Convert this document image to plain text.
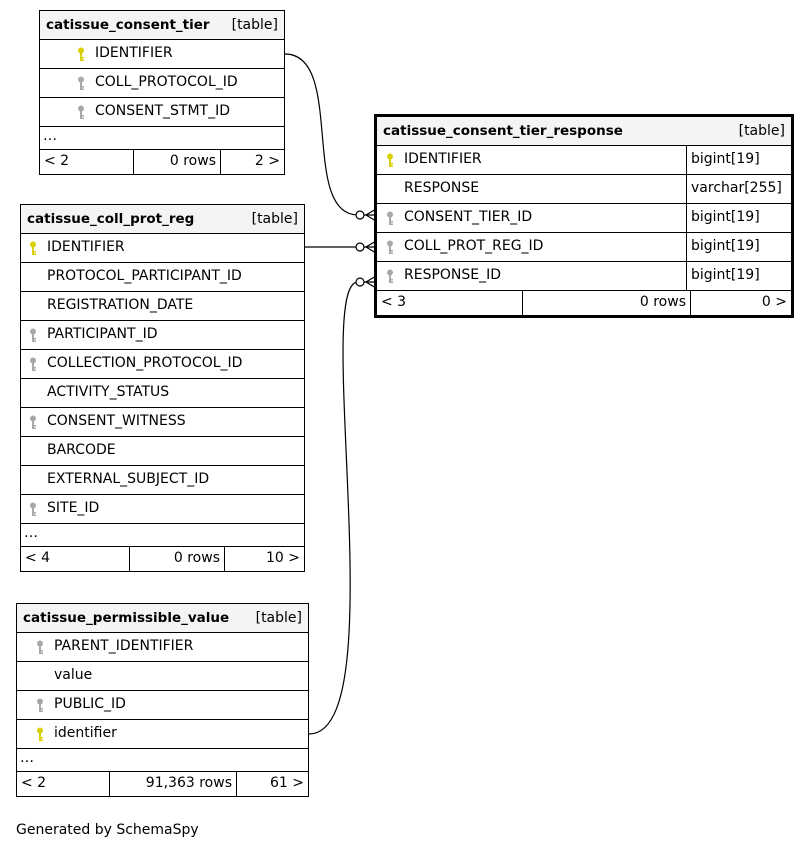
catissue_consent_tier [table]
IDENTIFIER
COLL_PROTOCOL_ID
CONSENT_STMT_ID
…
< 2	0 rows	2 >
catissue_coll_prot_reg	[table]
IDENTIFIER
PROTOCOL_PARTICIPANT_ID
REGISTRATION_DATE
PARTICIPANT_ID
COLLECTION_PROTOCOL_ID
ACTIVITY_STATUS
CONSENT_WITNESS
BARCODE
EXTERNAL_SUBJECT_ID
SITE_ID
…
< 4	0 rows	10 >
catissue_permissible_value [table]
PARENT_IDENTIFIER
value
PUBLIC_ID
identifier
…
< 2	91,363 rows	61 >
catissue_consent_tier_response	[table]
IDENTIFIER	bigint[19]
RESPONSE	varchar[255]
CONSENT_TIER_ID	bigint[19]
COLL_PROT_REG_ID	bigint[19]
RESPONSE_ID	bigint[19]
< 3	0 rows	0 >
Generated by SchemaSpy
